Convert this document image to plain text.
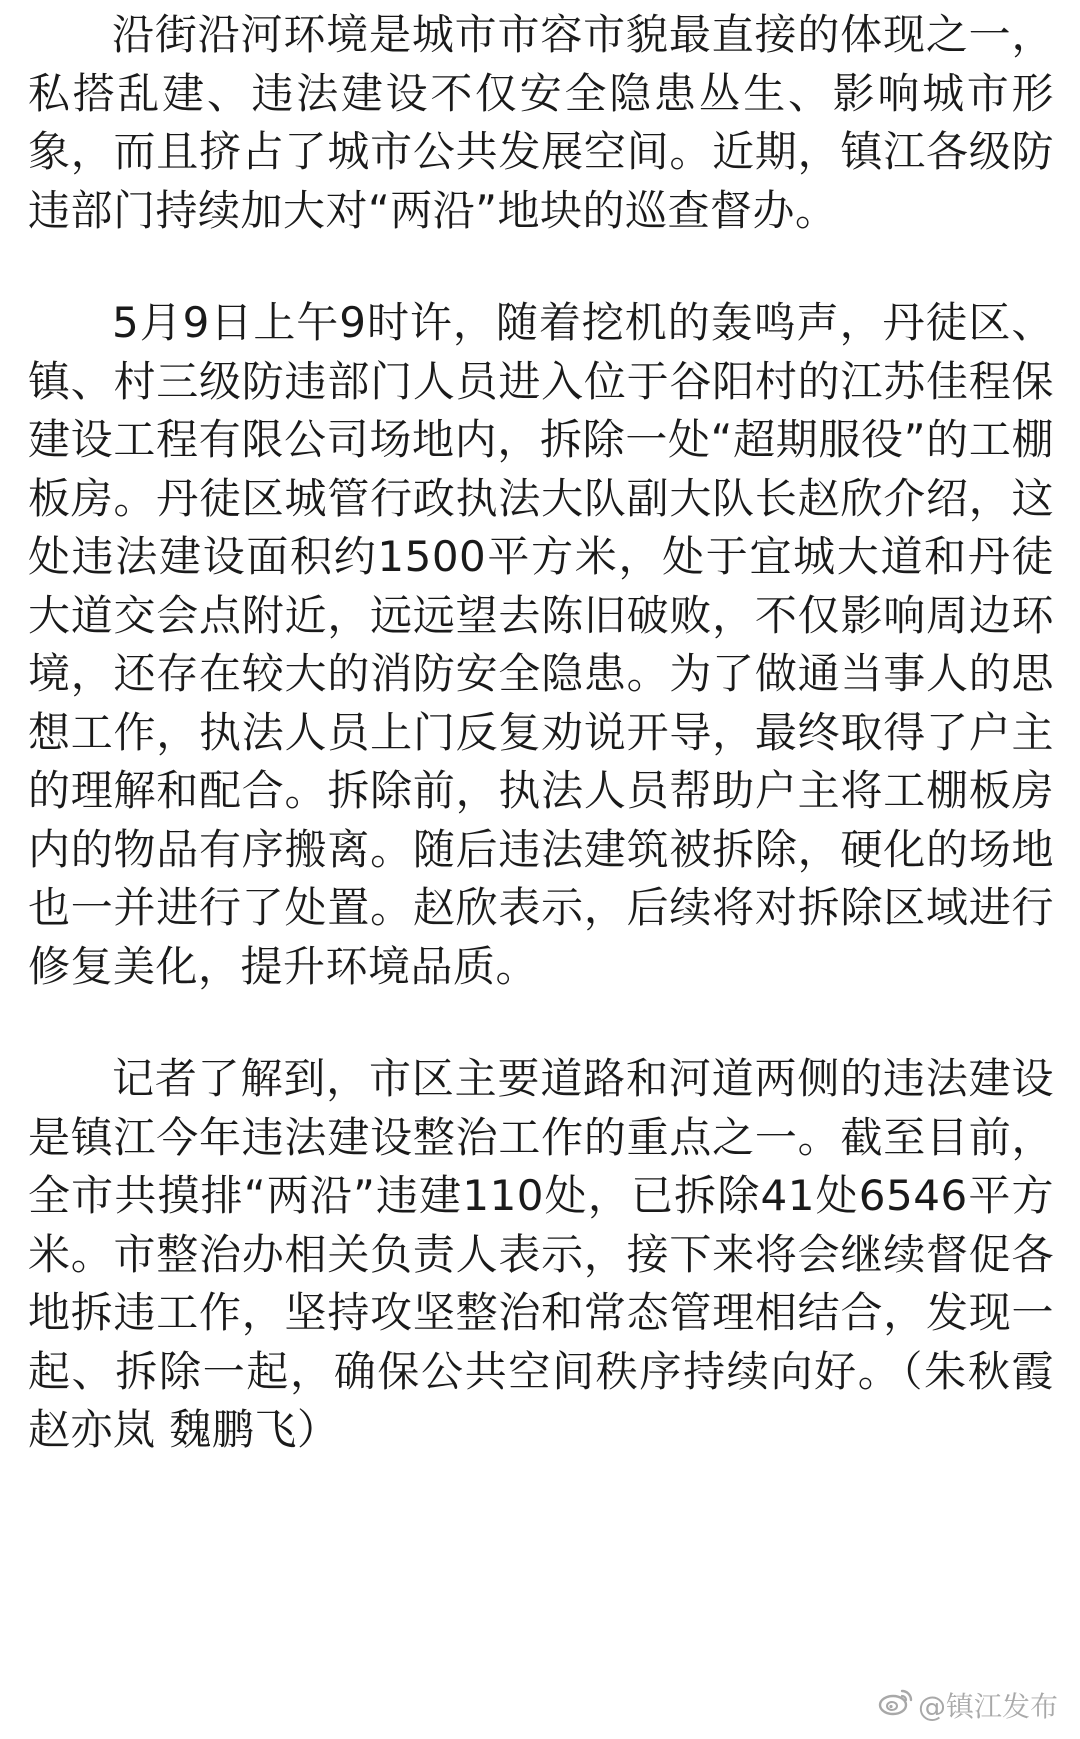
沿街沿河环境是城市市容市貌最直接的体现之一，私搭乱建、违法建设不仅安全隐患丛生、影响城市形象，而且挤占了城市公共发展空间。近期，镇江各级防违部门持续加大对“两沿”地块的巡查督办。

5月9日上午9时许，随着挖机的轰鸣声，丹徒区、镇、村三级防违部门人员进入位于谷阳村的江苏佳程保建设工程有限公司场地内，拆除一处“超期服役”的工棚板房。丹徒区城管行政执法大队副大队长赵欣介绍，这处违法建设面积约1500平方米，处于宜城大道和丹徒大道交会点附近，远远望去陈旧破败，不仅影响周边环境，还存在较大的消防安全隐患。为了做通当事人的思想工作，执法人员上门反复劝说开导，最终取得了户主的理解和配合。拆除前，执法人员帮助户主将工棚板房内的物品有序搬离。随后违法建筑被拆除，硬化的场地也一并进行了处置。赵欣表示，后续将对拆除区域进行修复美化，提升环境品质。

记者了解到，市区主要道路和河道两侧的违法建设是镇江今年违法建设整治工作的重点之一。截至目前，全市共摸排“两沿”违建110处，已拆除41处6546平方米。市整治办相关负责人表示，接下来将会继续督促各地拆违工作，坚持攻坚整治和常态管理相结合，发现一起、拆除一起，确保公共空间秩序持续向好。（朱秋霞 赵亦岚 魏鹏飞）

@镇江发布
